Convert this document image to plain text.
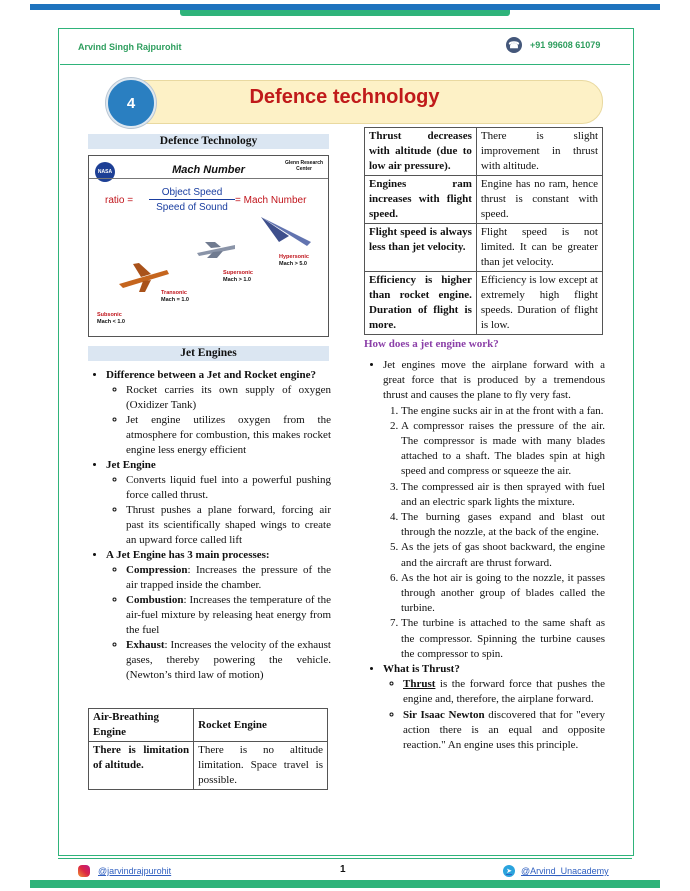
Arvind Singh Rajpurohit	☎ +91 99608 61079
4	Defence technology
Defence Technology
NASA	Mach Number
Glenn Research Center
ratio =
Object Speed
Speed of Sound
= Mach Number
Hypersonic
Mach > 5.0
Supersonic
Mach > 1.0
Transonic
Mach = 1.0
Subsonic
Mach < 1.0
Jet Engines
• Difference between a Jet and Rocket engine?
◦ Rocket carries its own supply of oxygen (Oxidizer Tank)
◦ Jet engine utilizes oxygen from the atmosphere for combustion, this makes rocket engine less energy efficient
• Jet Engine
◦ Converts liquid fuel into a powerful pushing force called thrust.
◦ Thrust pushes a plane forward, forcing air past its scientifically shaped wings to create an upward force called lift
• A Jet Engine has 3 main processes:
◦ Compression: Increases the pressure of the air trapped inside the chamber.
◦ Combustion: Increases the temperature of the air-fuel mixture by releasing heat energy from the fuel
◦ Exhaust: Increases the velocity of the exhaust gases, thereby powering the vehicle. (Newton’s third law of motion)
Air-Breathing Engine	Rocket Engine
There is limitation of altitude.	There is no altitude limitation. Space travel is possible.
Thrust decreases with altitude (due to low air pressure).	There is slight improvement in thrust with altitude.
Engines ram increases with flight speed.	Engine has no ram, hence thrust is constant with speed.
Flight speed is always less than jet velocity.	Flight speed is not limited. It can be greater than jet velocity.
Efficiency is higher than rocket engine. Duration of flight is more.	Efficiency is low except at extremely high flight speeds. Duration of flight is low.
How does a jet engine work?
• Jet engines move the airplane forward with a great force that is produced by a tremendous thrust and causes the plane to fly very fast.
1. The engine sucks air in at the front with a fan.
2. A compressor raises the pressure of the air. The compressor is made with many blades attached to a shaft. The blades spin at high speed and compress or squeeze the air.
3. The compressed air is then sprayed with fuel and an electric spark lights the mixture.
4. The burning gases expand and blast out through the nozzle, at the back of the engine.
5. As the jets of gas shoot backward, the engine and the aircraft are thrust forward.
6. As the hot air is going to the nozzle, it passes through another group of blades called the turbine.
7. The turbine is attached to the same shaft as the compressor. Spinning the turbine causes the compressor to spin.
• What is Thrust?
◦ Thrust is the forward force that pushes the engine and, therefore, the airplane forward.
◦ Sir Isaac Newton discovered that for "every action there is an equal and opposite reaction." An engine uses this principle.
@jarvindrajpurohit	1	➤	@Arvind_Unacademy
